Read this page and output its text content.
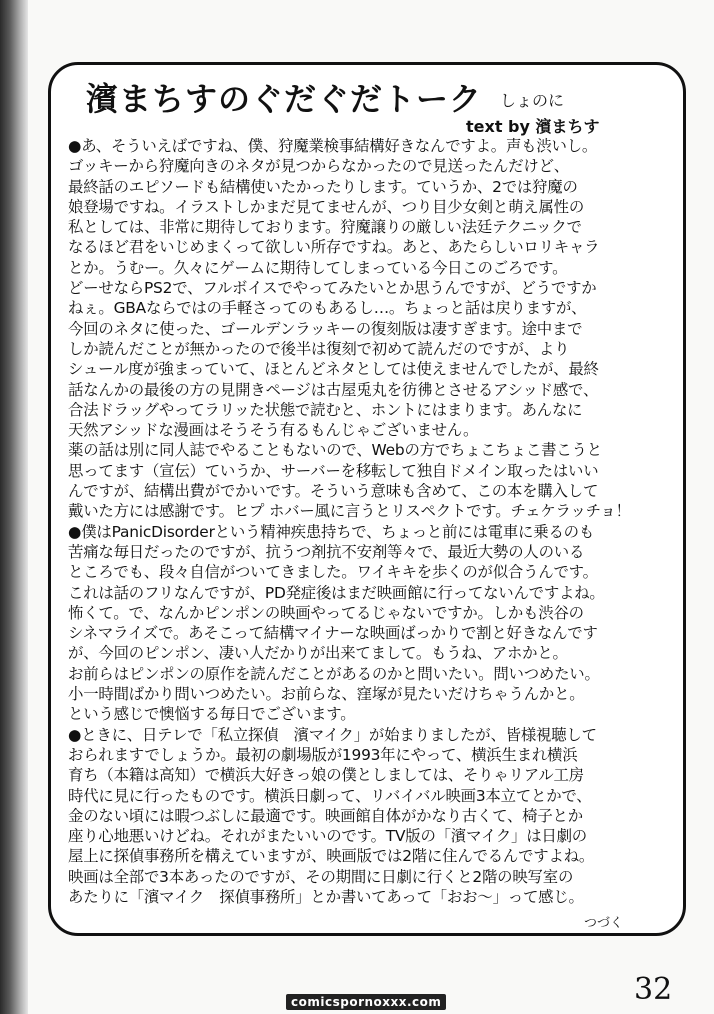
濱まちすのぐだぐだトーク しょのに
text by 濱まちす
●あ、そういえばですね、僕、狩魔業検事結構好きなんですよ。声も渋いし。
ゴッキーから狩魔向きのネタが見つからなかったので見送ったんだけど、
最終話のエピソードも結構使いたかったりします。ていうか、2では狩魔の
娘登場ですね。イラストしかまだ見てませんが、つり目少女剣と萌え属性の
私としては、非常に期待しております。狩魔譲りの厳しい法廷テクニックで
なるほど君をいじめまくって欲しい所存ですね。あと、あたらしいロリキャラ
とか。うむー。久々にゲームに期待してしまっている今日このごろです。
どーせならPS2で、フルボイスでやってみたいとか思うんですが、どうですか
ねぇ。GBAならではの手軽さってのもあるし…。ちょっと話は戻りますが、
今回のネタに使った、ゴールデンラッキーの復刻版は凄すぎます。途中まで
しか読んだことが無かったので後半は復刻で初めて読んだのですが、より
シュール度が強まっていて、ほとんどネタとしては使えませんでしたが、最終
話なんかの最後の方の見開きページは古屋兎丸を彷彿とさせるアシッド感で、
合法ドラッグやってラリッた状態で読むと、ホントにはまります。あんなに
天然アシッドな漫画はそうそう有るもんじゃございません。
薬の話は別に同人誌でやることもないので、Webの方でちょこちょこ書こうと
思ってます（宣伝）ていうか、サーバーを移転して独自ドメイン取ったはいい
んですが、結構出費がでかいです。そういう意味も含めて、この本を購入して
戴いた方には感謝です。ヒプ ホバー風に言うとリスペクトです。チェケラッチョ！
●僕はPanicDisorderという精神疾患持ちで、ちょっと前には電車に乗るのも
苦痛な毎日だったのですが、抗うつ剤抗不安剤等々で、最近大勢の人のいる
ところでも、段々自信がついてきました。ワイキキを歩くのが似合うんです。
これは話のフリなんですが、PD発症後はまだ映画館に行ってないんですよね。
怖くて。で、なんかピンポンの映画やってるじゃないですか。しかも渋谷の
シネマライズで。あそこって結構マイナーな映画ばっかりで割と好きなんです
が、今回のピンポン、凄い人だかりが出来てまして。もうね、アホかと。
お前らはピンポンの原作を読んだことがあるのかと問いたい。問いつめたい。
小一時間ばかり問いつめたい。お前らな、窪塚が見たいだけちゃうんかと。
という感じで懊悩する毎日でございます。
●ときに、日テレで「私立探偵　濱マイク」が始まりましたが、皆様視聴して
おられますでしょうか。最初の劇場版が1993年にやって、横浜生まれ横浜
育ち（本籍は高知）で横浜大好きっ娘の僕としましては、そりゃリアル工房
時代に見に行ったものです。横浜日劇って、リバイバル映画3本立てとかで、
金のない頃には暇つぶしに最適です。映画館自体がかなり古くて、椅子とか
座り心地悪いけどね。それがまたいいのです。TV版の「濱マイク」は日劇の
屋上に探偵事務所を構えていますが、映画版では2階に住んでるんですよね。
映画は全部で3本あったのですが、その期間に日劇に行くと2階の映写室の
あたりに「濱マイク　探偵事務所」とか書いてあって「おお～」って感じ。
つづく
comicspornoxxx.com	32
